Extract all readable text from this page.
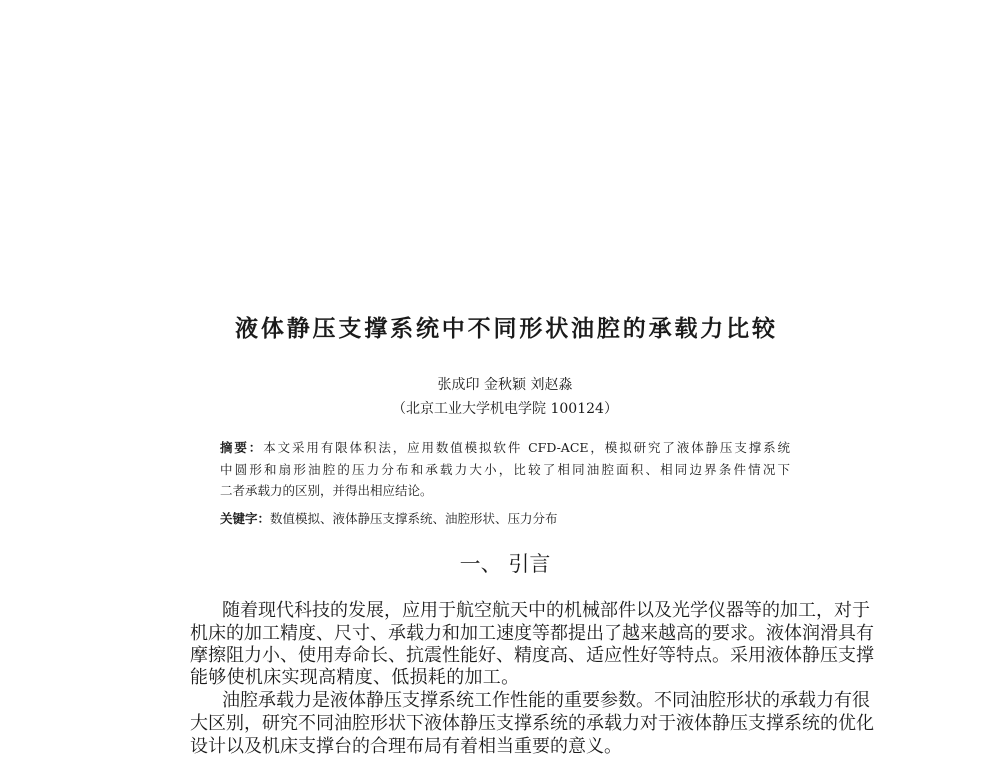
液体静压支撑系统中不同形状油腔的承载力比较
张成印 金秋颖 刘赵淼
（北京工业大学机电学院 100124）
摘要：本文采用有限体积法，应用数值模拟软件 CFD-ACE，模拟研究了液体静压支撑系统
中圆形和扇形油腔的压力分布和承载力大小，比较了相同油腔面积、相同边界条件情况下
二者承载力的区别，并得出相应结论。
关键字：数值模拟、液体静压支撑系统、油腔形状、压力分布
一、 引言
随着现代科技的发展，应用于航空航天中的机械部件以及光学仪器等的加工，对于
机床的加工精度、尺寸、承载力和加工速度等都提出了越来越高的要求。液体润滑具有
摩擦阻力小、使用寿命长、抗震性能好、精度高、适应性好等特点。采用液体静压支撑
能够使机床实现高精度、低损耗的加工。
油腔承载力是液体静压支撑系统工作性能的重要参数。不同油腔形状的承载力有很
大区别，研究不同油腔形状下液体静压支撑系统的承载力对于液体静压支撑系统的优化
设计以及机床支撑台的合理布局有着相当重要的意义。
